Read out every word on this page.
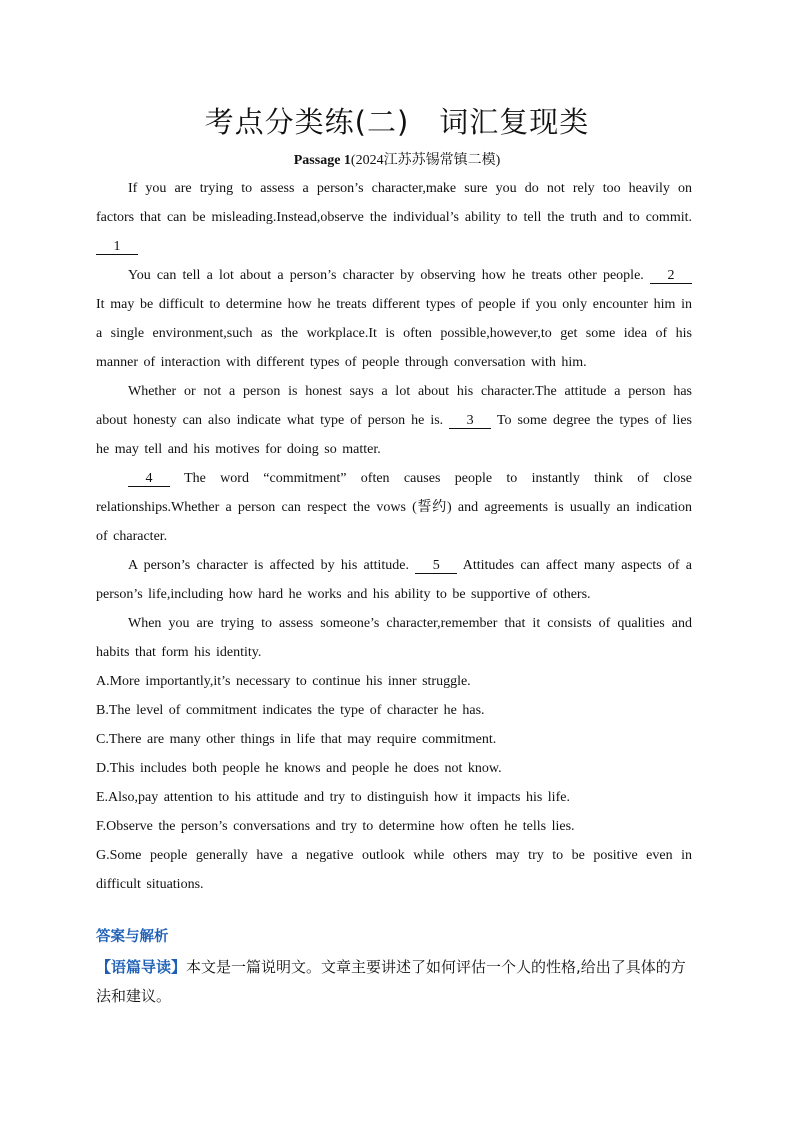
考点分类练(二)　词汇复现类
Passage 1(2024江苏苏锡常镇二模)

If you are trying to assess a person’s character,make sure you do not rely too heavily on factors that can be misleading.Instead,observe the individual’s ability to tell the truth and to commit. 1

You can tell a lot about a person’s character by observing how he treats other people. 2 It may be difficult to determine how he treats different types of people if you only encounter him in a single environment,such as the workplace.It is often possible,however,to get some idea of his manner of interaction with different types of people through conversation with him.

Whether or not a person is honest says a lot about his character.The attitude a person has about honesty can also indicate what type of person he is. 3 To some degree the types of lies he may tell and his motives for doing so matter.

4 The word “commitment” often causes people to instantly think of close relationships.Whether a person can respect the vows (誓约) and agreements is usually an indication of character.

A person’s character is affected by his attitude. 5 Attitudes can affect many aspects of a person’s life,including how hard he works and his ability to be supportive of others.

When you are trying to assess someone’s character,remember that it consists of qualities and habits that form his identity.

A.More importantly,it’s necessary to continue his inner struggle.
B.The level of commitment indicates the type of character he has.
C.There are many other things in life that may require commitment.
D.This includes both people he knows and people he does not know.
E.Also,pay attention to his attitude and try to distinguish how it impacts his life.
F.Observe the person’s conversations and try to determine how often he tells lies.
G.Some people generally have a negative outlook while others may try to be positive even in difficult situations.
答案与解析
【语篇导读】本文是一篇说明文。文章主要讲述了如何评估一个人的性格,给出了具体的方法和建议。
